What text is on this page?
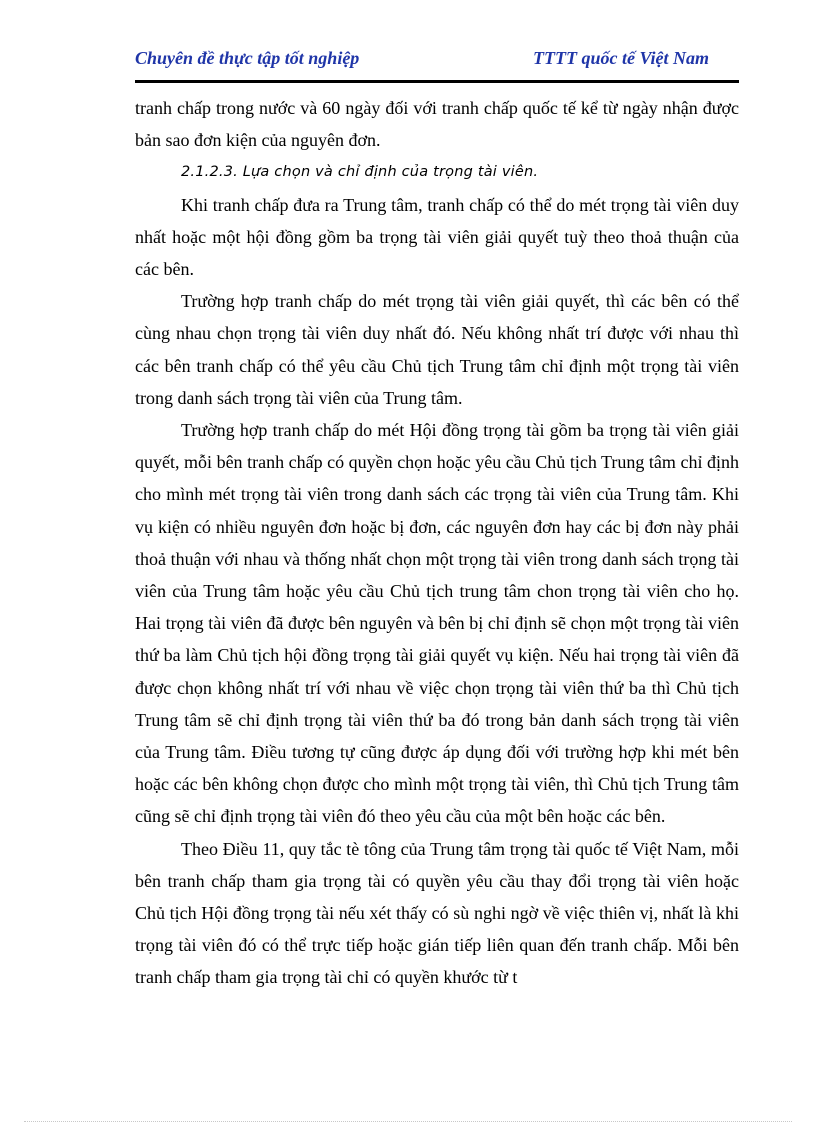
Chuyên đề thực tập tốt nghiệp	TTTT quốc tế Việt Nam

tranh chấp trong nước và 60 ngày đối với tranh chấp quốc tế kể từ ngày nhận được bản sao đơn kiện của nguyên đơn.

2.1.2.3. Lựa chọn và chỉ định của trọng tài viên.

Khi tranh chấp đưa ra Trung tâm, tranh chấp có thể do mét trọng tài viên duy nhất hoặc một hội đồng gồm ba trọng tài viên giải quyết tuỳ theo thoả thuận của các bên.

Trường hợp tranh chấp do mét trọng tài viên giải quyết, thì các bên có thể cùng nhau chọn trọng tài viên duy nhất đó. Nếu không nhất trí được với nhau thì các bên tranh chấp có thể yêu cầu Chủ tịch Trung tâm chỉ định một trọng tài viên trong danh sách trọng tài viên của Trung tâm.

Trường hợp tranh chấp do mét Hội đồng trọng tài gồm ba trọng tài viên giải quyết, mỗi bên tranh chấp có quyền chọn hoặc yêu cầu Chủ tịch Trung tâm chỉ định cho mình mét trọng tài viên trong danh sách các trọng tài viên của Trung tâm. Khi vụ kiện có nhiều nguyên đơn hoặc bị đơn, các nguyên đơn hay các bị đơn này phải thoả thuận với nhau và thống nhất chọn một trọng tài viên trong danh sách trọng tài viên của Trung tâm hoặc yêu cầu Chủ tịch trung tâm chon trọng tài viên cho họ. Hai trọng tài viên đã được bên nguyên và bên bị chỉ định sẽ chọn một trọng tài viên thứ ba làm Chủ tịch hội đồng trọng tài giải quyết vụ kiện. Nếu hai trọng tài viên đã được chọn không nhất trí với nhau về việc chọn trọng tài viên thứ ba thì Chủ tịch Trung tâm sẽ chỉ định trọng tài viên thứ ba đó trong bản danh sách trọng tài viên của Trung tâm. Điều tương tự cũng được áp dụng đối với trường hợp khi mét bên hoặc các bên không chọn được cho mình một trọng tài viên, thì Chủ tịch Trung tâm cũng sẽ chỉ định trọng tài viên đó theo yêu cầu của một bên hoặc các bên.

Theo Điều 11, quy tắc tè tông của Trung tâm trọng tài quốc tế Việt Nam, mỗi bên tranh chấp tham gia trọng tài có quyền yêu cầu thay đổi trọng tài viên hoặc Chủ tịch Hội đồng trọng tài nếu xét thấy có sù nghi ngờ về việc thiên vị, nhất là khi trọng tài viên đó có thể trực tiếp hoặc gián tiếp liên quan đến tranh chấp. Mỗi bên tranh chấp tham gia trọng tài chỉ có quyền khước từ t
